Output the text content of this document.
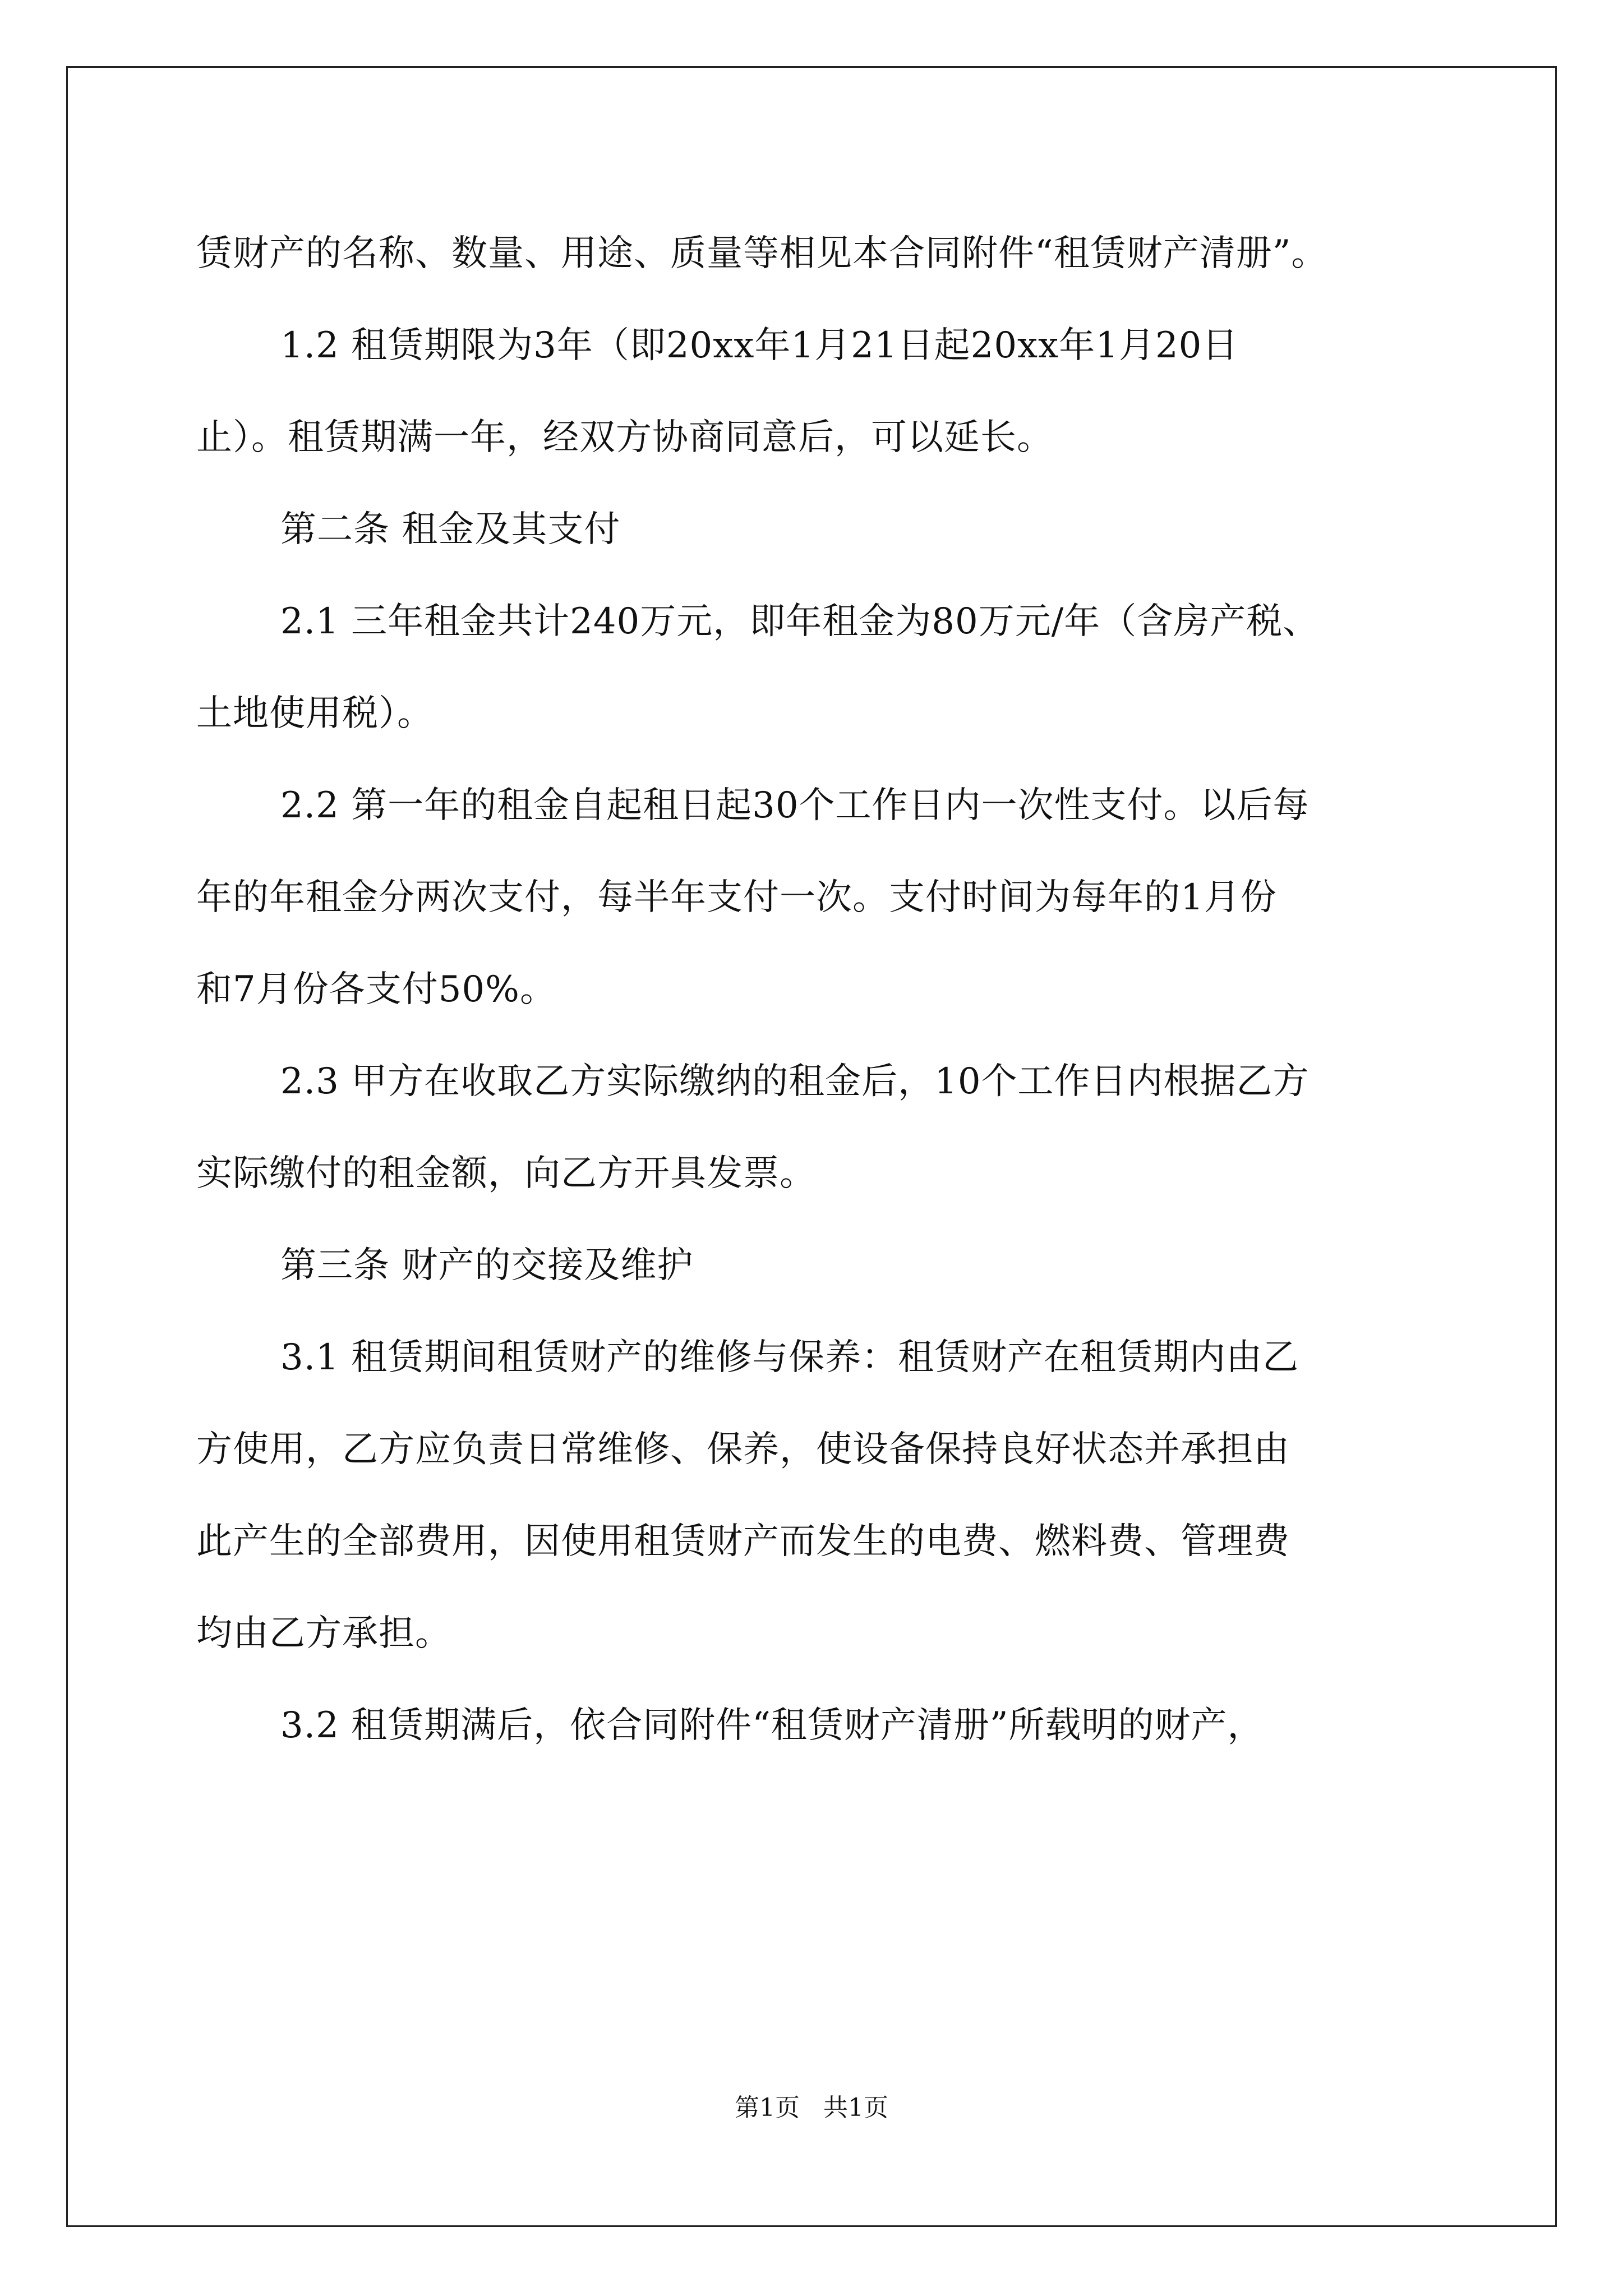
赁财产的名称、数量、用途、质量等相见本合同附件“租赁财产清册”。

1.2 租赁期限为3年（即20xx年1月21日起20xx年1月20日

止）。租赁期满一年，经双方协商同意后，可以延长。

第二条 租金及其支付

2.1 三年租金共计240万元，即年租金为80万元/年（含房产税、

土地使用税）。

2.2 第一年的租金自起租日起30个工作日内一次性支付。以后每

年的年租金分两次支付，每半年支付一次。支付时间为每年的1月份

和7月份各支付50%。

2.3 甲方在收取乙方实际缴纳的租金后，10个工作日内根据乙方

实际缴付的租金额，向乙方开具发票。

第三条 财产的交接及维护

3.1 租赁期间租赁财产的维修与保养：租赁财产在租赁期内由乙

方使用，乙方应负责日常维修、保养，使设备保持良好状态并承担由

此产生的全部费用，因使用租赁财产而发生的电费、燃料费、管理费

均由乙方承担。

3.2 租赁期满后，依合同附件“租赁财产清册”所载明的财产，

第1页   共1页
